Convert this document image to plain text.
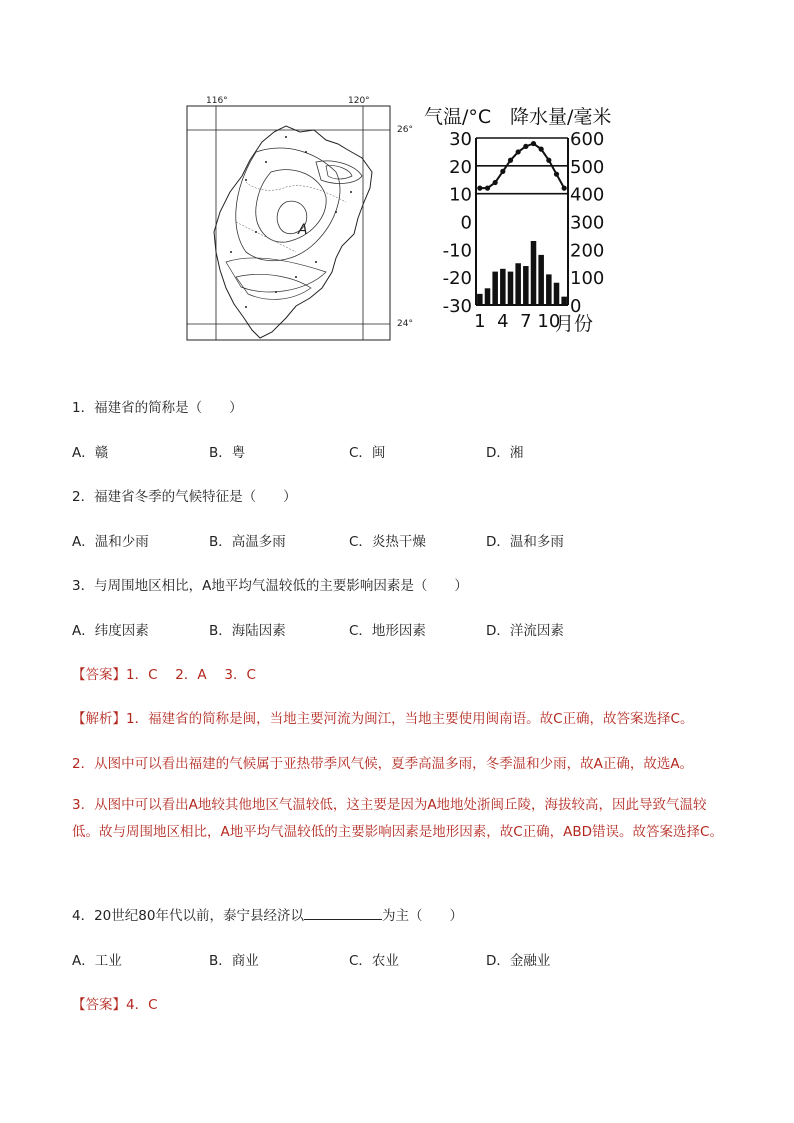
116°	120°
26°
24°
A
气温/°C 降水量/毫米
30
20
10
0
-10
-20
-30
600
500
400
300
200
100
0
1 4 7 10
月份
1．福建省的简称是（　　）
A．赣	B．粤	C．闽	D．湘
2．福建省冬季的气候特征是（　　）
A．温和少雨	B．高温多雨	C．炎热干燥	D．温和多雨
3．与周围地区相比，A地平均气温较低的主要影响因素是（　　）
A．纬度因素	B．海陆因素	C．地形因素	D．洋流因素
【答案】1．C　 2．A　 3．C
【解析】1．福建省的简称是闽，当地主要河流为闽江，当地主要使用闽南语。故C正确，故答案选择C。
2．从图中可以看出福建的气候属于亚热带季风气候，夏季高温多雨，冬季温和少雨，故A正确，故选A。
3．从图中可以看出A地较其他地区气温较低，这主要是因为A地地处浙闽丘陵，海拔较高，因此导致气温较低。故与周围地区相比，A地平均气温较低的主要影响因素是地形因素，故C正确，ABD错误。故答案选择C。
4．20世纪80年代以前，泰宁县经济以	为主（　　）
A．工业	B．商业	C．农业	D．金融业
【答案】4．C
